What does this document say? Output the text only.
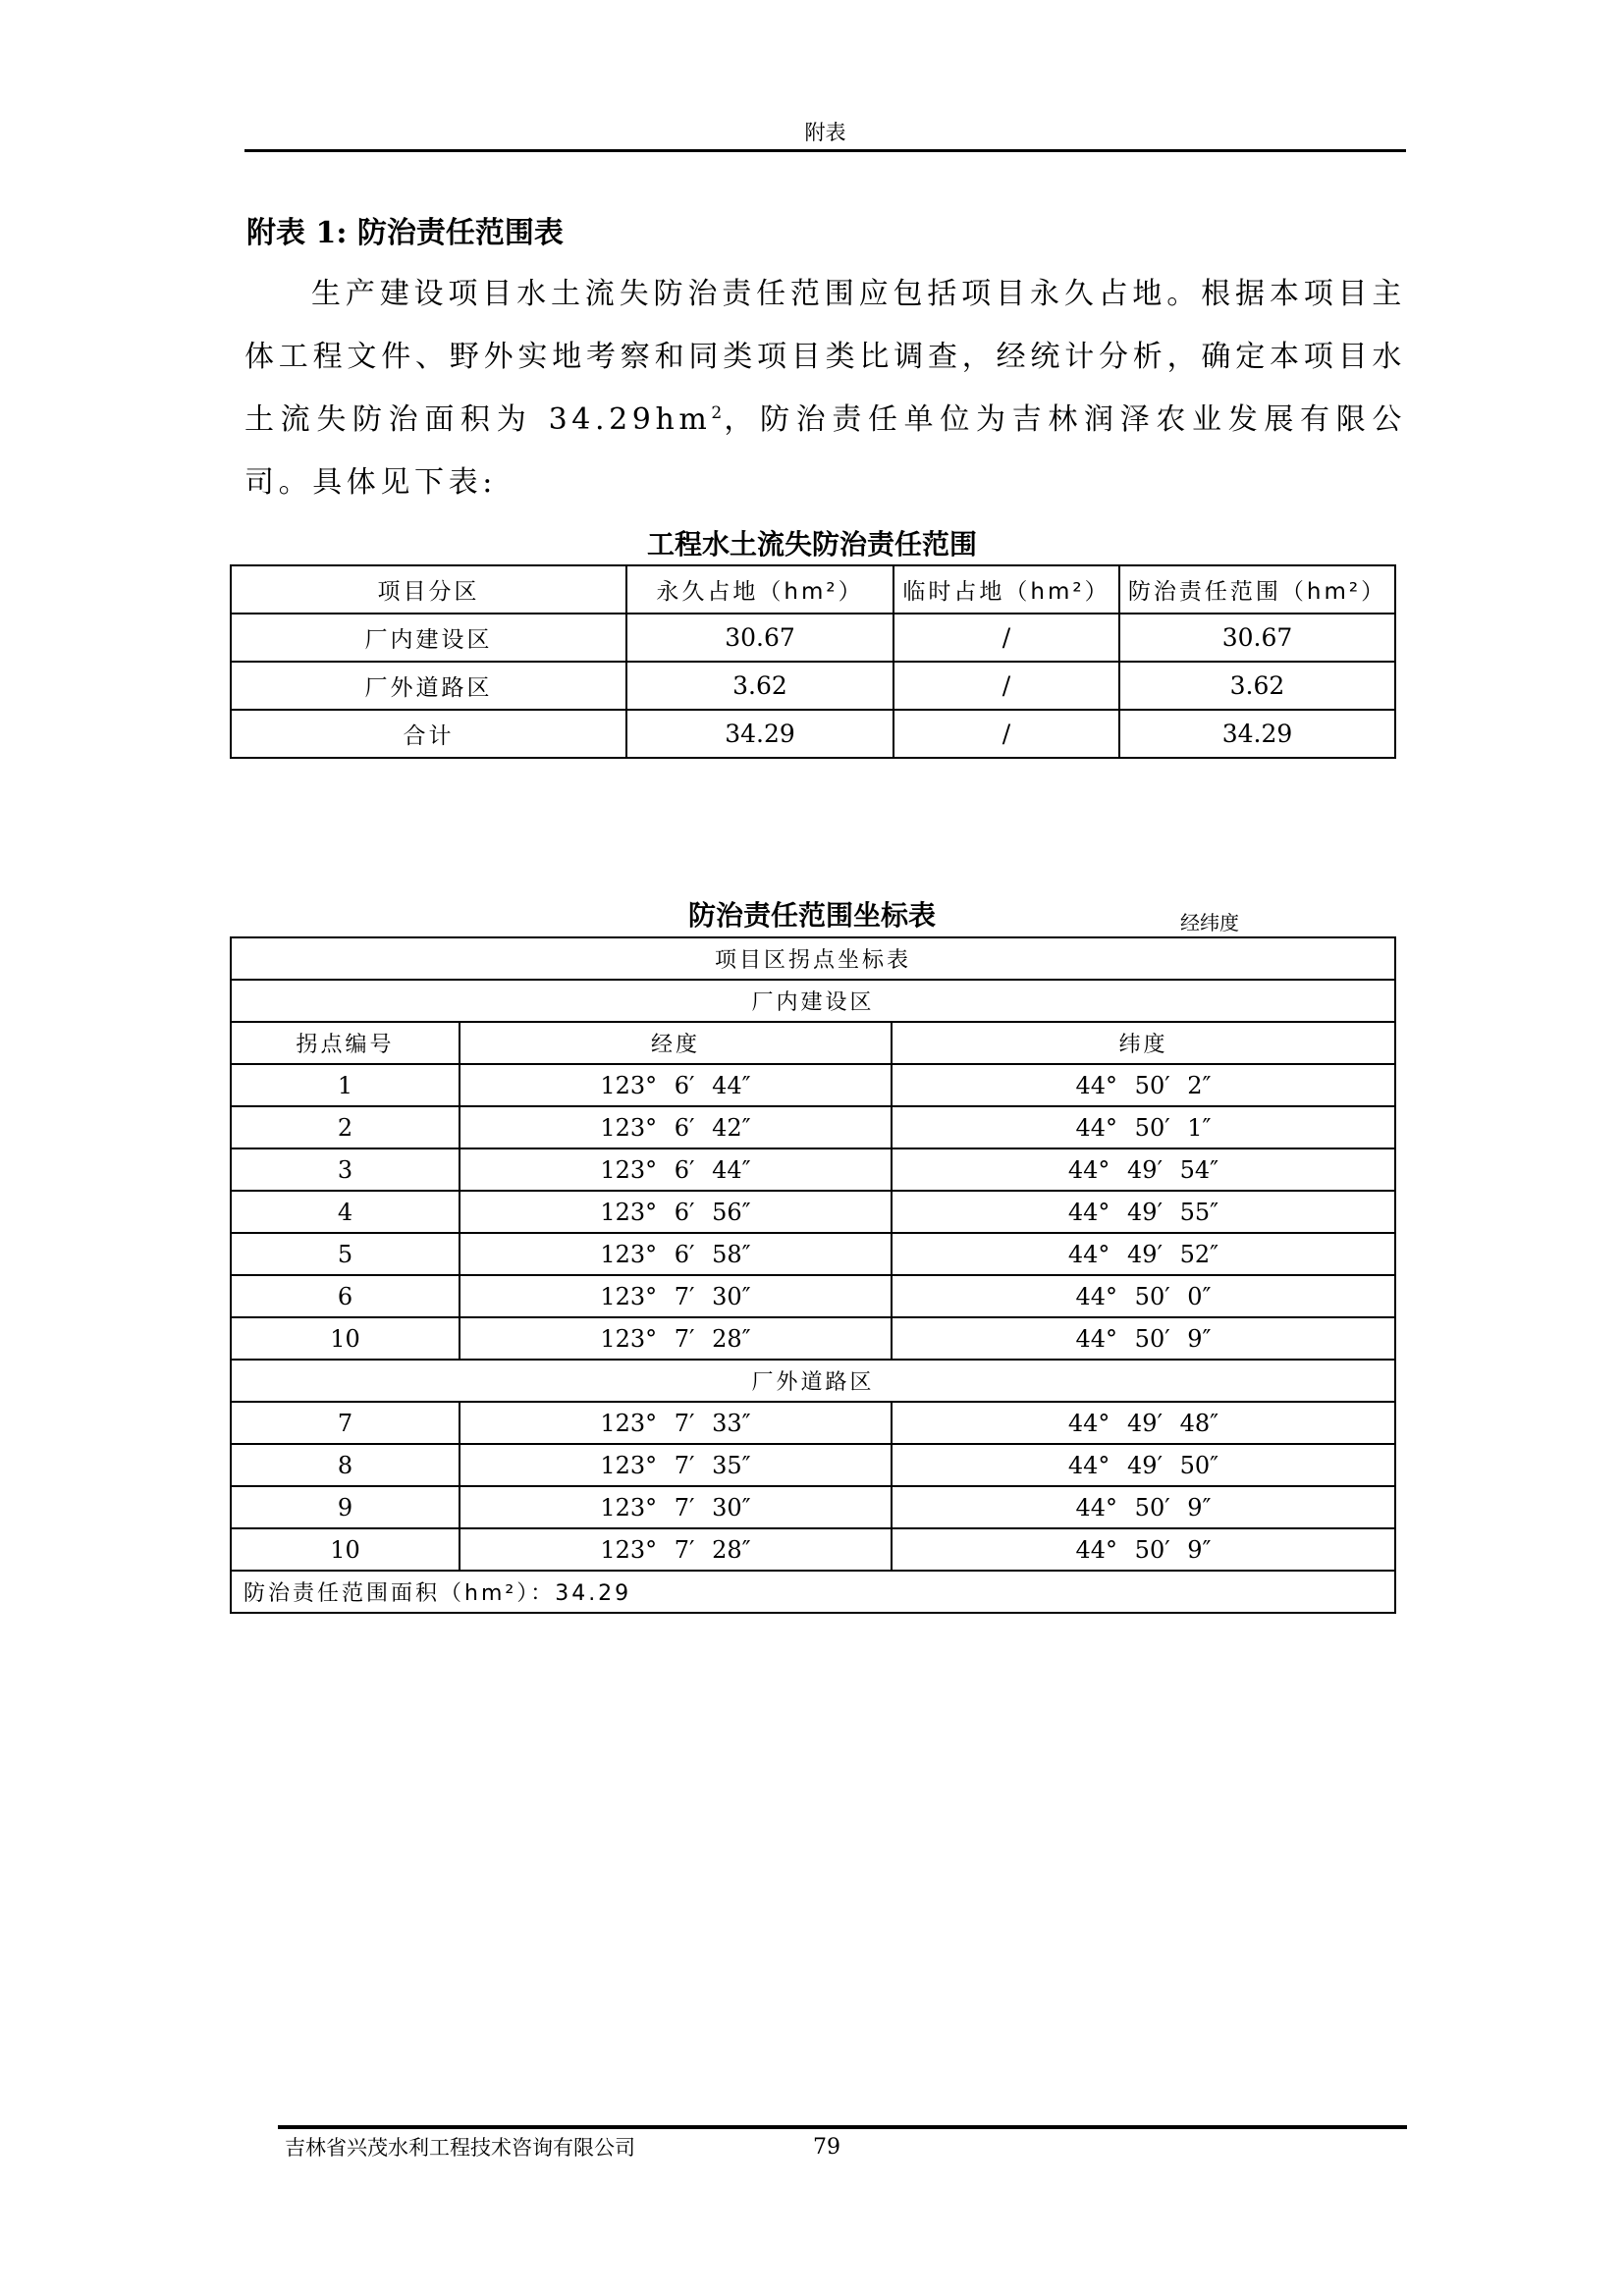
附表
附表 1: 防治责任范围表
生产建设项目水土流失防治责任范围应包括项目永久占地。根据本项目主体工程文件、野外实地考察和同类项目类比调查，经统计分析，确定本项目水土流失防治面积为 $34.29hm^2$，防治责任单位为吉林润泽农业发展有限公司。具体见下表:
工程水土流失防治责任范围
项目分区	永久占地（hm²）	临时占地（hm²）	防治责任范围（hm²）
厂内建设区	30.67	/	30.67
厂外道路区	3.62	/	3.62
合计	34.29	/	34.29
防治责任范围坐标表	经纬度
项目区拐点坐标表		
厂内建设区		
拐点编号	经度	纬度
1	123° 6′ 44″	44° 50′ 2″
2	123° 6′ 42″	44° 50′ 1″
3	123° 6′ 44″	44° 49′ 54″
4	123° 6′ 56″	44° 49′ 55″
5	123° 6′ 58″	44° 49′ 52″
6	123° 7′ 30″	44° 50′ 0″
10	123° 7′ 28″	44° 50′ 9″
厂外道路区		
7	123° 7′ 33″	44° 49′ 48″
8	123° 7′ 35″	44° 49′ 50″
9	123° 7′ 30″	44° 50′ 9″
10	123° 7′ 28″	44° 50′ 9″
防治责任范围面积（hm²）：34.29		
吉林省兴茂水利工程技术咨询有限公司	79
